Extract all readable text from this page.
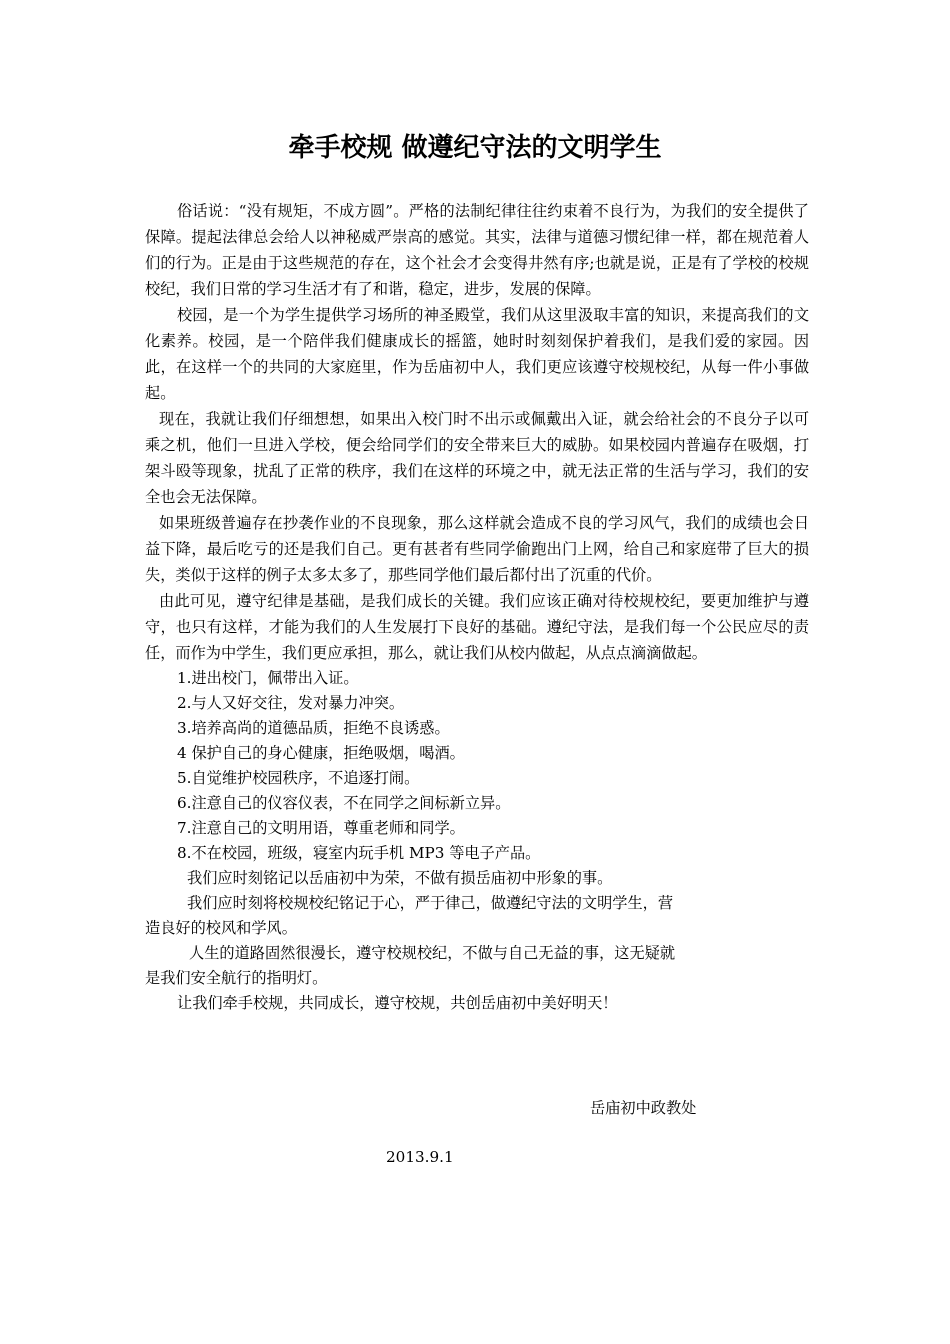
牵手校规 做遵纪守法的文明学生

俗话说：“没有规矩，不成方圆”。严格的法制纪律往往约束着不良行为，为我们的安全提供了保障。提起法律总会给人以神秘威严崇高的感觉。其实，法律与道德习惯纪律一样，都在规范着人们的行为。正是由于这些规范的存在，这个社会才会变得井然有序;也就是说，正是有了学校的校规校纪，我们日常的学习生活才有了和谐，稳定，进步，发展的保障。

校园，是一个为学生提供学习场所的神圣殿堂，我们从这里汲取丰富的知识，来提高我们的文化素养。校园，是一个陪伴我们健康成长的摇篮，她时时刻刻保护着我们，是我们爱的家园。因此，在这样一个的共同的大家庭里，作为岳庙初中人，我们更应该遵守校规校纪，从每一件小事做起。

现在，我就让我们仔细想想，如果出入校门时不出示或佩戴出入证，就会给社会的不良分子以可乘之机，他们一旦进入学校，便会给同学们的安全带来巨大的威胁。如果校园内普遍存在吸烟，打架斗殴等现象，扰乱了正常的秩序，我们在这样的环境之中，就无法正常的生活与学习，我们的安全也会无法保障。

如果班级普遍存在抄袭作业的不良现象，那么这样就会造成不良的学习风气，我们的成绩也会日益下降，最后吃亏的还是我们自己。更有甚者有些同学偷跑出门上网，给自己和家庭带了巨大的损失，类似于这样的例子太多太多了，那些同学他们最后都付出了沉重的代价。

由此可见，遵守纪律是基础，是我们成长的关键。我们应该正确对待校规校纪，要更加维护与遵守，也只有这样，才能为我们的人生发展打下良好的基础。遵纪守法，是我们每一个公民应尽的责任，而作为中学生，我们更应承担，那么，就让我们从校内做起，从点点滴滴做起。

1.进出校门，佩带出入证。
2.与人又好交往，发对暴力冲突。
3.培养高尚的道德品质，拒绝不良诱惑。
4 保护自己的身心健康，拒绝吸烟，喝酒。
5.自觉维护校园秩序，不追逐打闹。
6.注意自己的仪容仪表，不在同学之间标新立异。
7.注意自己的文明用语，尊重老师和同学。
8.不在校园，班级，寝室内玩手机 MP3 等电子产品。

我们应时刻铭记以岳庙初中为荣，不做有损岳庙初中形象的事。

我们应时刻将校规校纪铭记于心，严于律己，做遵纪守法的文明学生，营造良好的校风和学风。

人生的道路固然很漫长，遵守校规校纪，不做与自己无益的事，这无疑就是我们安全航行的指明灯。

让我们牵手校规，共同成长，遵守校规，共创岳庙初中美好明天！

岳庙初中政教处
2013.9.1
